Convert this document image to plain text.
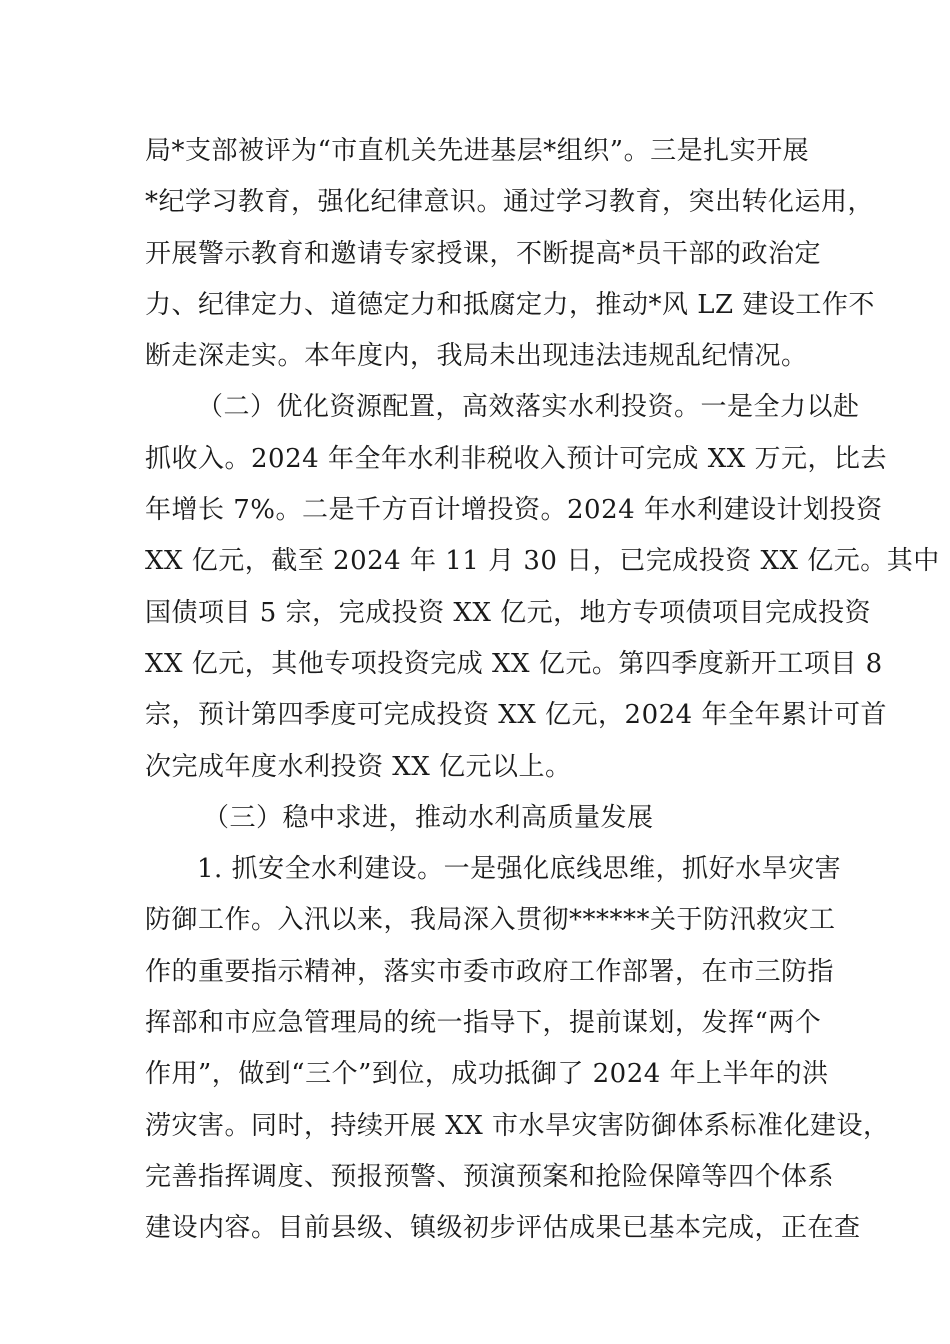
局*支部被评为“市直机关先进基层*组织”。三是扎实开展
*纪学习教育，强化纪律意识。通过学习教育，突出转化运用，
开展警示教育和邀请专家授课，不断提高*员干部的政治定
力、纪律定力、道德定力和抵腐定力，推动*风 LZ 建设工作不
断走深走实。本年度内，我局未出现违法违规乱纪情况。
（二）优化资源配置，高效落实水利投资。一是全力以赴
抓收入。2024 年全年水利非税收入预计可完成 XX 万元，比去
年增长 7%。二是千方百计增投资。2024 年水利建设计划投资
XX 亿元，截至 2024 年 11 月 30 日，已完成投资 XX 亿元。其中
国债项目 5 宗，完成投资 XX 亿元，地方专项债项目完成投资
XX 亿元，其他专项投资完成 XX 亿元。第四季度新开工项目 8
宗，预计第四季度可完成投资 XX 亿元，2024 年全年累计可首
次完成年度水利投资 XX 亿元以上。
（三）稳中求进，推动水利高质量发展
1. 抓安全水利建设。一是强化底线思维，抓好水旱灾害
防御工作。入汛以来，我局深入贯彻******关于防汛救灾工
作的重要指示精神，落实市委市政府工作部署，在市三防指
挥部和市应急管理局的统一指导下，提前谋划，发挥“两个
作用”，做到“三个”到位，成功抵御了 2024 年上半年的洪
涝灾害。同时，持续开展 XX 市水旱灾害防御体系标准化建设，
完善指挥调度、预报预警、预演预案和抢险保障等四个体系
建设内容。目前县级、镇级初步评估成果已基本完成，正在查
